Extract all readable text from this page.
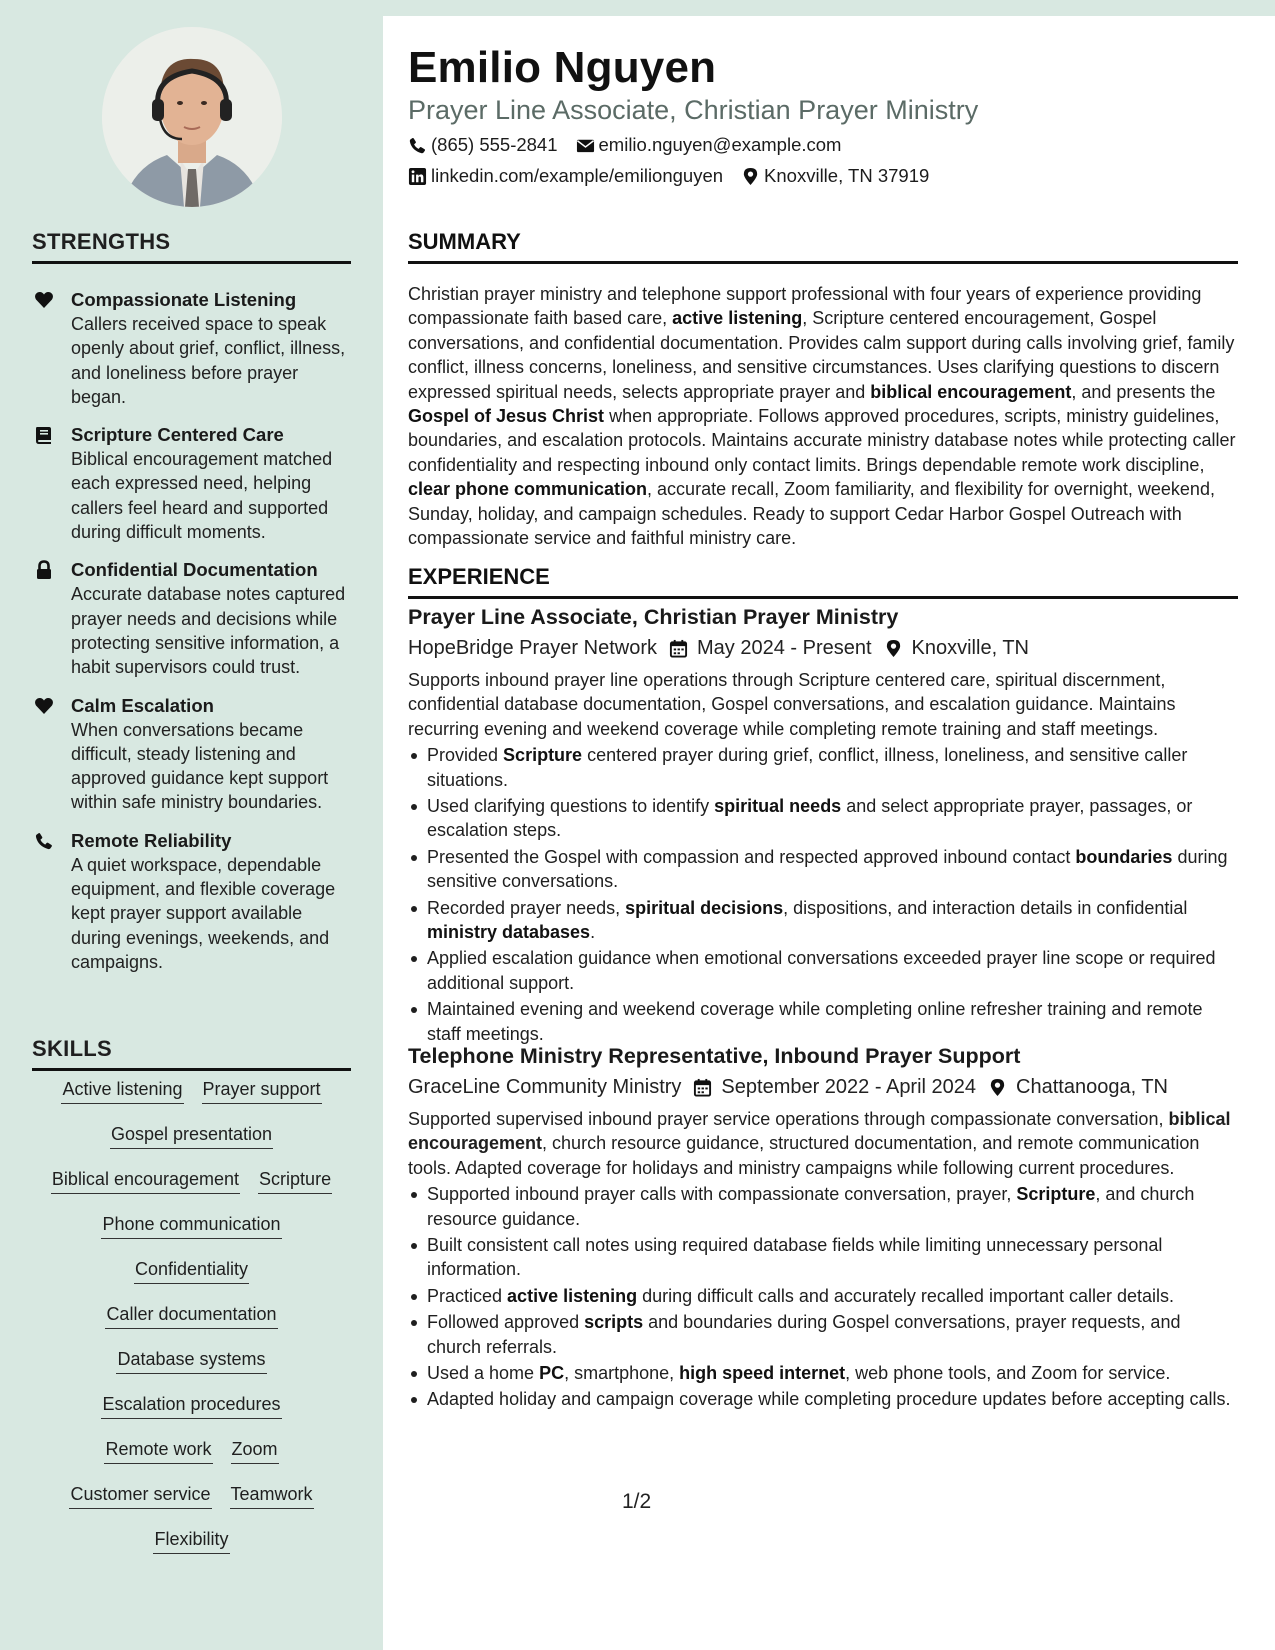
STRENGTHS
Compassionate Listening
Callers received space to speak openly about grief, conflict, illness, and loneliness before prayer began.
Scripture Centered Care
Biblical encouragement matched each expressed need, helping callers feel heard and supported during difficult moments.
Confidential Documentation
Accurate database notes captured prayer needs and decisions while protecting sensitive information, a habit supervisors could trust.
Calm Escalation
When conversations became difficult, steady listening and approved guidance kept support within safe ministry boundaries.
Remote Reliability
A quiet workspace, dependable equipment, and flexible coverage kept prayer support available during evenings, weekends, and campaigns.
SKILLS
Active listening Prayer support
Gospel presentation
Biblical encouragement Scripture
Phone communication
Confidentiality
Caller documentation
Database systems
Escalation procedures
Remote work Zoom
Customer service Teamwork
Flexibility
Emilio Nguyen
Prayer Line Associate, Christian Prayer Ministry
(865) 555-2841 emilio.nguyen@example.com
linkedin.com/example/emilionguyen Knoxville, TN 37919
SUMMARY
Christian prayer ministry and telephone support professional with four years of experience providing compassionate faith based care, active listening, Scripture centered encouragement, Gospel conversations, and confidential documentation. Provides calm support during calls involving grief, family conflict, illness concerns, loneliness, and sensitive circumstances. Uses clarifying questions to discern expressed spiritual needs, selects appropriate prayer and biblical encouragement, and presents the Gospel of Jesus Christ when appropriate. Follows approved procedures, scripts, ministry guidelines, boundaries, and escalation protocols. Maintains accurate ministry database notes while protecting caller confidentiality and respecting inbound only contact limits. Brings dependable remote work discipline, clear phone communication, accurate recall, Zoom familiarity, and flexibility for overnight, weekend, Sunday, holiday, and campaign schedules. Ready to support Cedar Harbor Gospel Outreach with compassionate service and faithful ministry care.
EXPERIENCE
Prayer Line Associate, Christian Prayer Ministry
HopeBridge Prayer Network May 2024 - Present Knoxville, TN
Supports inbound prayer line operations through Scripture centered care, spiritual discernment, confidential database documentation, Gospel conversations, and escalation guidance. Maintains recurring evening and weekend coverage while completing remote training and staff meetings.
Provided Scripture centered prayer during grief, conflict, illness, loneliness, and sensitive caller situations.
Used clarifying questions to identify spiritual needs and select appropriate prayer, passages, or escalation steps.
Presented the Gospel with compassion and respected approved inbound contact boundaries during sensitive conversations.
Recorded prayer needs, spiritual decisions, dispositions, and interaction details in confidential ministry databases.
Applied escalation guidance when emotional conversations exceeded prayer line scope or required additional support.
Maintained evening and weekend coverage while completing online refresher training and remote staff meetings.
Telephone Ministry Representative, Inbound Prayer Support
GraceLine Community Ministry September 2022 - April 2024 Chattanooga, TN
Supported supervised inbound prayer service operations through compassionate conversation, biblical encouragement, church resource guidance, structured documentation, and remote communication tools. Adapted coverage for holidays and ministry campaigns while following current procedures.
Supported inbound prayer calls with compassionate conversation, prayer, Scripture, and church resource guidance.
Built consistent call notes using required database fields while limiting unnecessary personal information.
Practiced active listening during difficult calls and accurately recalled important caller details.
Followed approved scripts and boundaries during Gospel conversations, prayer requests, and church referrals.
Used a home PC, smartphone, high speed internet, web phone tools, and Zoom for service.
Adapted holiday and campaign coverage while completing procedure updates before accepting calls.
1/2
